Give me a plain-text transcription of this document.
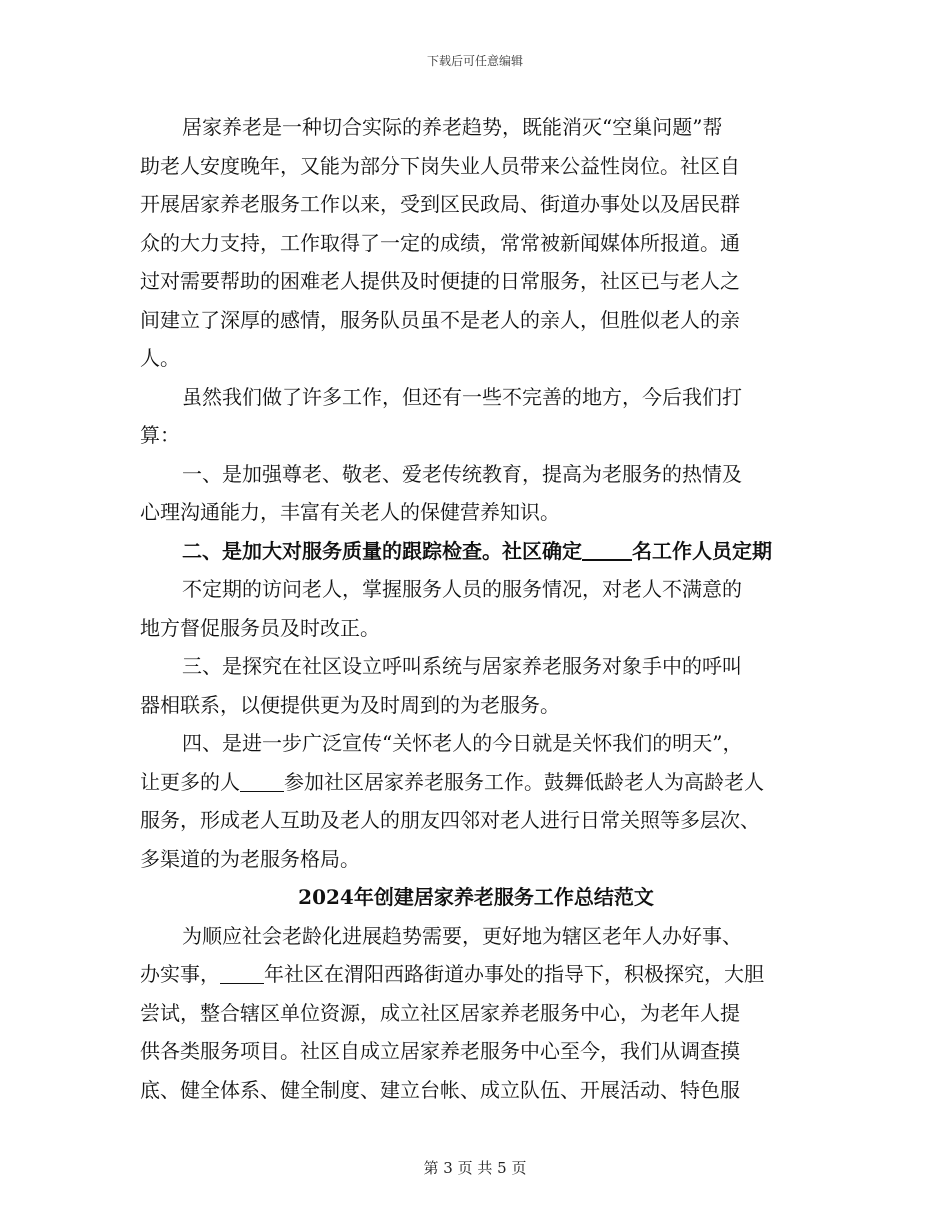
下载后可任意编辑
居家养老是一种切合实际的养老趋势，既能消灭“空巢问题”帮
助老人安度晚年，又能为部分下岗失业人员带来公益性岗位。社区自
开展居家养老服务工作以来，受到区民政局、街道办事处以及居民群
众的大力支持，工作取得了一定的成绩，常常被新闻媒体所报道。通
过对需要帮助的困难老人提供及时便捷的日常服务，社区已与老人之
间建立了深厚的感情，服务队员虽不是老人的亲人，但胜似老人的亲
人。
虽然我们做了许多工作，但还有一些不完善的地方，今后我们打
算：
一、是加强尊老、敬老、爱老传统教育，提高为老服务的热情及
心理沟通能力，丰富有关老人的保健营养知识。
二、是加大对服务质量的跟踪检查。社区确定	名工作人员定期
不定期的访问老人，掌握服务人员的服务情况，对老人不满意的
地方督促服务员及时改正。
三、是探究在社区设立呼叫系统与居家养老服务对象手中的呼叫
器相联系，以便提供更为及时周到的为老服务。
四、是进一步广泛宣传“关怀老人的今日就是关怀我们的明天”，
让更多的人 参加社区居家养老服务工作。鼓舞低龄老人为高龄老人
服务，形成老人互助及老人的朋友四邻对老人进行日常关照等多层次、
多渠道的为老服务格局。
2024年创建居家养老服务工作总结范文
为顺应社会老龄化进展趋势需要，更好地为辖区老年人办好事、
办实事， 年社区在渭阳西路街道办事处的指导下，积极探究，大胆
尝试，整合辖区单位资源，成立社区居家养老服务中心，为老年人提
供各类服务项目。社区自成立居家养老服务中心至今，我们从调查摸
底、健全体系、健全制度、建立台帐、成立队伍、开展活动、特色服
第 3 页 共 5 页
